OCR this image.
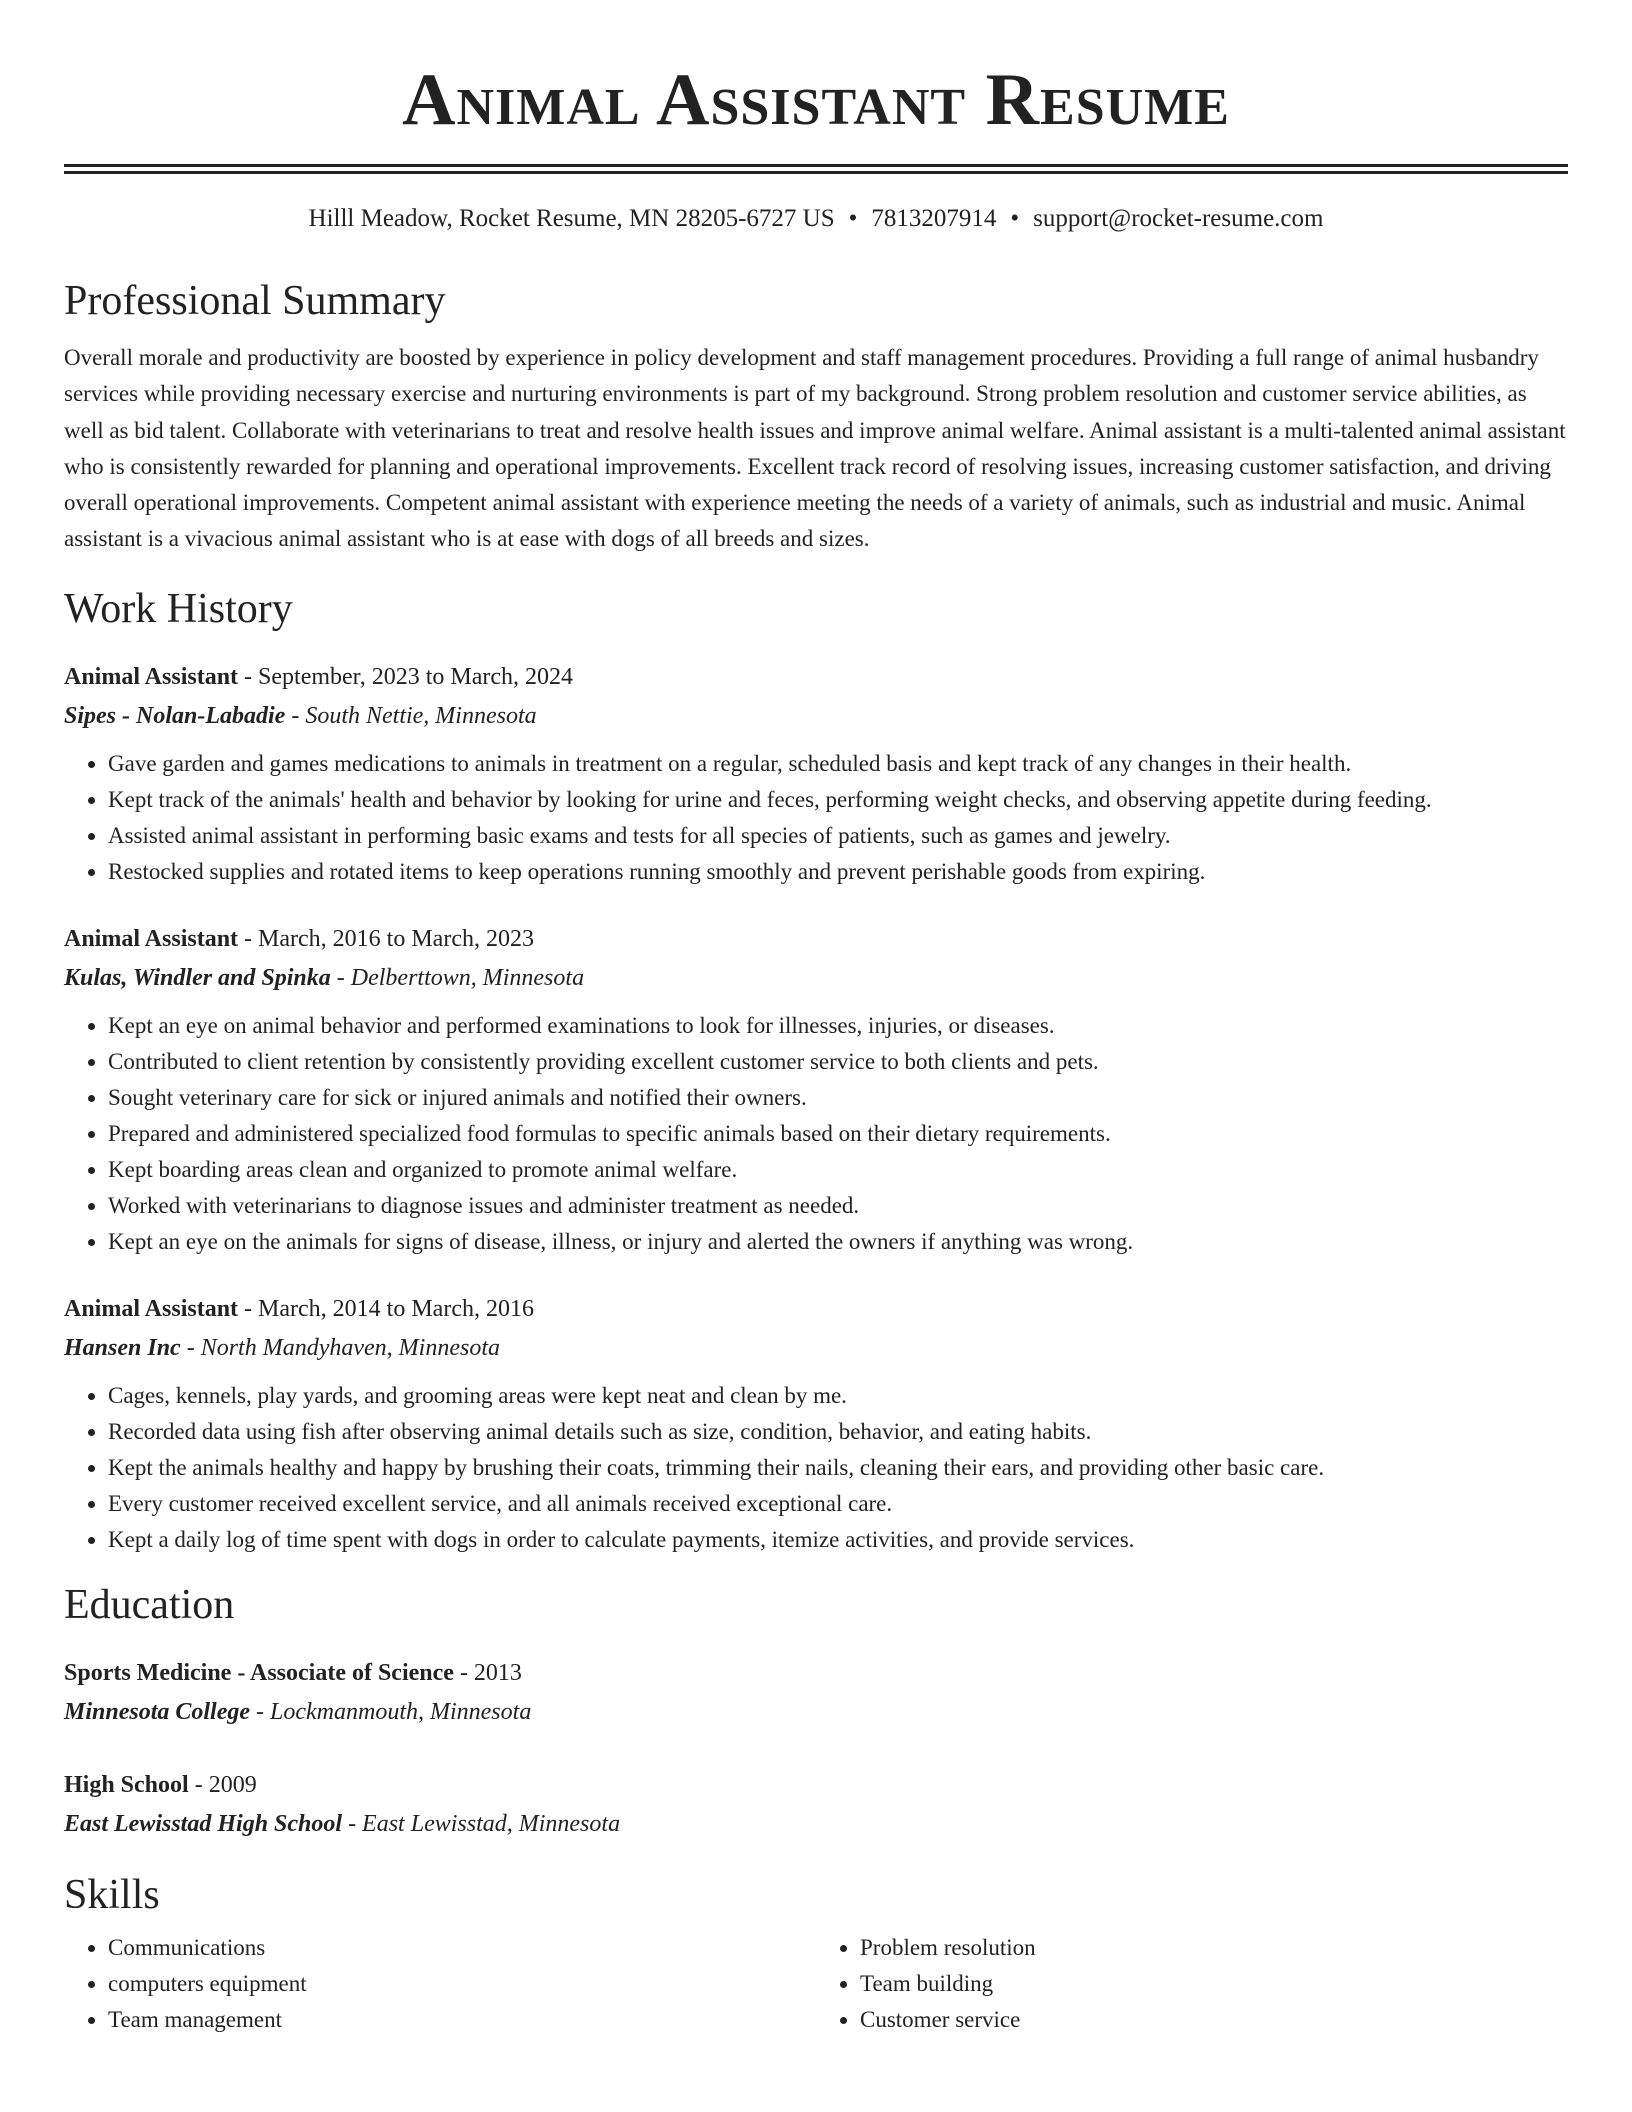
Animal Assistant Resume
Hilll Meadow, Rocket Resume, MN 28205-6727 US • 7813207914 • support@rocket-resume.com
Professional Summary

Overall morale and productivity are boosted by experience in policy development and staff management procedures. Providing a full range of animal husbandry services while providing necessary exercise and nurturing environments is part of my background. Strong problem resolution and customer service abilities, as well as bid talent. Collaborate with veterinarians to treat and resolve health issues and improve animal welfare. Animal assistant is a multi-talented animal assistant who is consistently rewarded for planning and operational improvements. Excellent track record of resolving issues, increasing customer satisfaction, and driving overall operational improvements. Competent animal assistant with experience meeting the needs of a variety of animals, such as industrial and music. Animal assistant is a vivacious animal assistant who is at ease with dogs of all breeds and sizes.

Work History
Animal Assistant - September, 2023 to March, 2024
Sipes - Nolan-Labadie - South Nettie, Minnesota
• Gave garden and games medications to animals in treatment on a regular, scheduled basis and kept track of any changes in their health.
• Kept track of the animals' health and behavior by looking for urine and feces, performing weight checks, and observing appetite during feeding.
• Assisted animal assistant in performing basic exams and tests for all species of patients, such as games and jewelry.
• Restocked supplies and rotated items to keep operations running smoothly and prevent perishable goods from expiring.
Animal Assistant - March, 2016 to March, 2023
Kulas, Windler and Spinka - Delberttown, Minnesota
• Kept an eye on animal behavior and performed examinations to look for illnesses, injuries, or diseases.
• Contributed to client retention by consistently providing excellent customer service to both clients and pets.
• Sought veterinary care for sick or injured animals and notified their owners.
• Prepared and administered specialized food formulas to specific animals based on their dietary requirements.
• Kept boarding areas clean and organized to promote animal welfare.
• Worked with veterinarians to diagnose issues and administer treatment as needed.
• Kept an eye on the animals for signs of disease, illness, or injury and alerted the owners if anything was wrong.
Animal Assistant - March, 2014 to March, 2016
Hansen Inc - North Mandyhaven, Minnesota
• Cages, kennels, play yards, and grooming areas were kept neat and clean by me.
• Recorded data using fish after observing animal details such as size, condition, behavior, and eating habits.
• Kept the animals healthy and happy by brushing their coats, trimming their nails, cleaning their ears, and providing other basic care.
• Every customer received excellent service, and all animals received exceptional care.
• Kept a daily log of time spent with dogs in order to calculate payments, itemize activities, and provide services.
Education
Sports Medicine - Associate of Science - 2013
Minnesota College - Lockmanmouth, Minnesota
High School - 2009
East Lewisstad High School - East Lewisstad, Minnesota
Skills
• Communications
• computers equipment
• Team management
• Problem resolution
• Team building
• Customer service
